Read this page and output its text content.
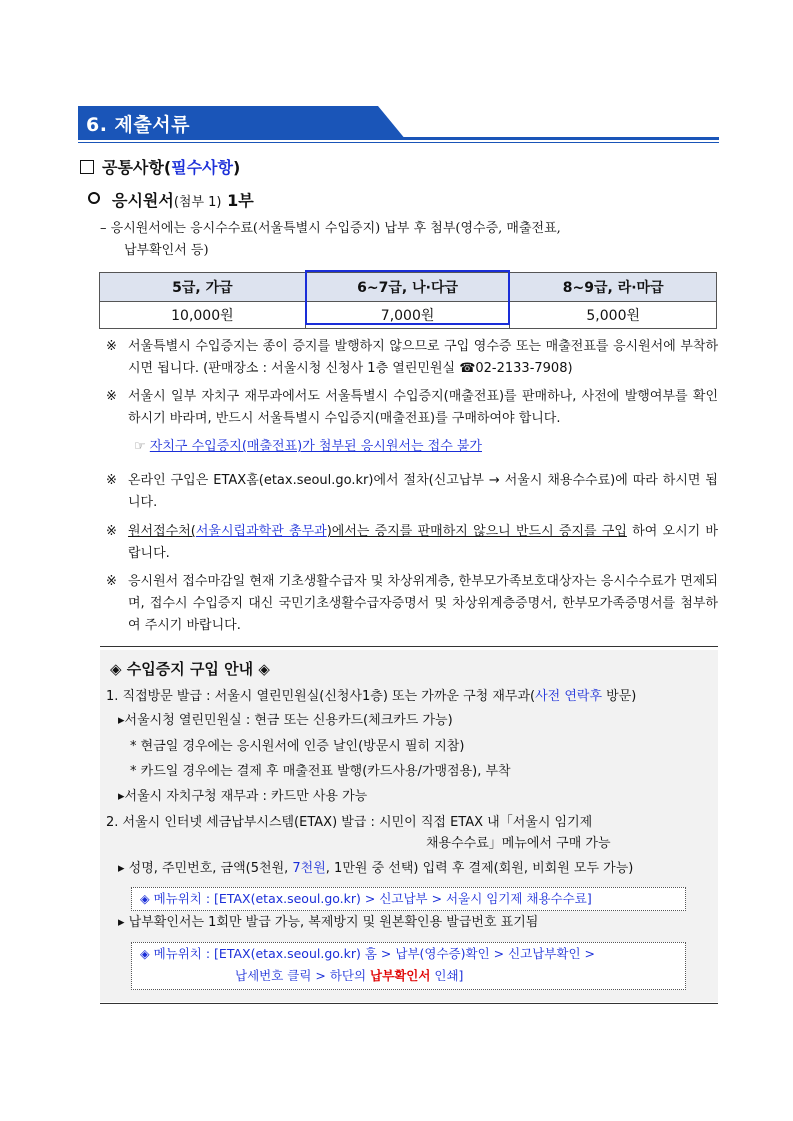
6. 제출서류
공통사항(필수사항)
응시원서(첨부 1) 1부
– 응시원서에는 응시수수료(서울특별시 수입증지) 납부 후 첨부(영수증, 매출전표,
납부확인서 등)
5급, 가급	6~7급, 나·다급	8~9급, 라·마급
10,000원	7,000원	5,000원
※ 서울특별시 수입증지는 종이 증지를 발행하지 않으므로 구입 영수증 또는 매출전표를 응시원서에 부착하시면 됩니다. (판매장소 : 서울시청 신청사 1층 열린민원실 ☎02-2133-7908)
※ 서울시 일부 자치구 재무과에서도 서울특별시 수입증지(매출전표)를 판매하나, 사전에 발행여부를 확인하시기 바라며, 반드시 서울특별시 수입증지(매출전표)를 구매하여야 합니다.
☞ 자치구 수입증지(매출전표)가 첨부된 응시원서는 접수 불가
※ 온라인 구입은 ETAX홈(etax.seoul.go.kr)에서 절차(신고납부 → 서울시 채용수수료)에 따라 하시면 됩니다.
※ 원서접수처(서울시립과학관 총무과)에서는 증지를 판매하지 않으니 반드시 증지를 구입 하여 오시기 바랍니다.
※ 응시원서 접수마감일 현재 기초생활수급자 및 차상위계층, 한부모가족보호대상자는 응시수수료가 면제되며, 접수시 수입증지 대신 국민기초생활수급자증명서 및 차상위계층증명서, 한부모가족증명서를 첨부하여 주시기 바랍니다.
◈ 수입증지 구입 안내 ◈
1. 직접방문 발급 : 서울시 열린민원실(신청사1층) 또는 가까운 구청 재무과(사전 연락후 방문)
▸서울시청 열린민원실 : 현금 또는 신용카드(체크카드 가능)
* 현금일 경우에는 응시원서에 인증 날인(방문시 필히 지참)
* 카드일 경우에는 결제 후 매출전표 발행(카드사용/가맹점용), 부착
▸서울시 자치구청 재무과 : 카드만 사용 가능
2. 서울시 인터넷 세금납부시스템(ETAX) 발급 : 시민이 직접 ETAX 내「서울시 임기제
채용수수료」메뉴에서 구매 가능
▸ 성명, 주민번호, 금액(5천원, 7천원, 1만원 중 선택) 입력 후 결제(회원, 비회원 모두 가능)
◈ 메뉴위치 : [ETAX(etax.seoul.go.kr) > 신고납부 > 서울시 임기제 채용수수료]
▸ 납부확인서는 1회만 발급 가능, 복제방지 및 원본확인용 발급번호 표기됨
◈ 메뉴위치 : [ETAX(etax.seoul.go.kr) 홈 > 납부(영수증)확인 > 신고납부확인 >
납세번호 클릭 > 하단의 납부확인서 인쇄]
